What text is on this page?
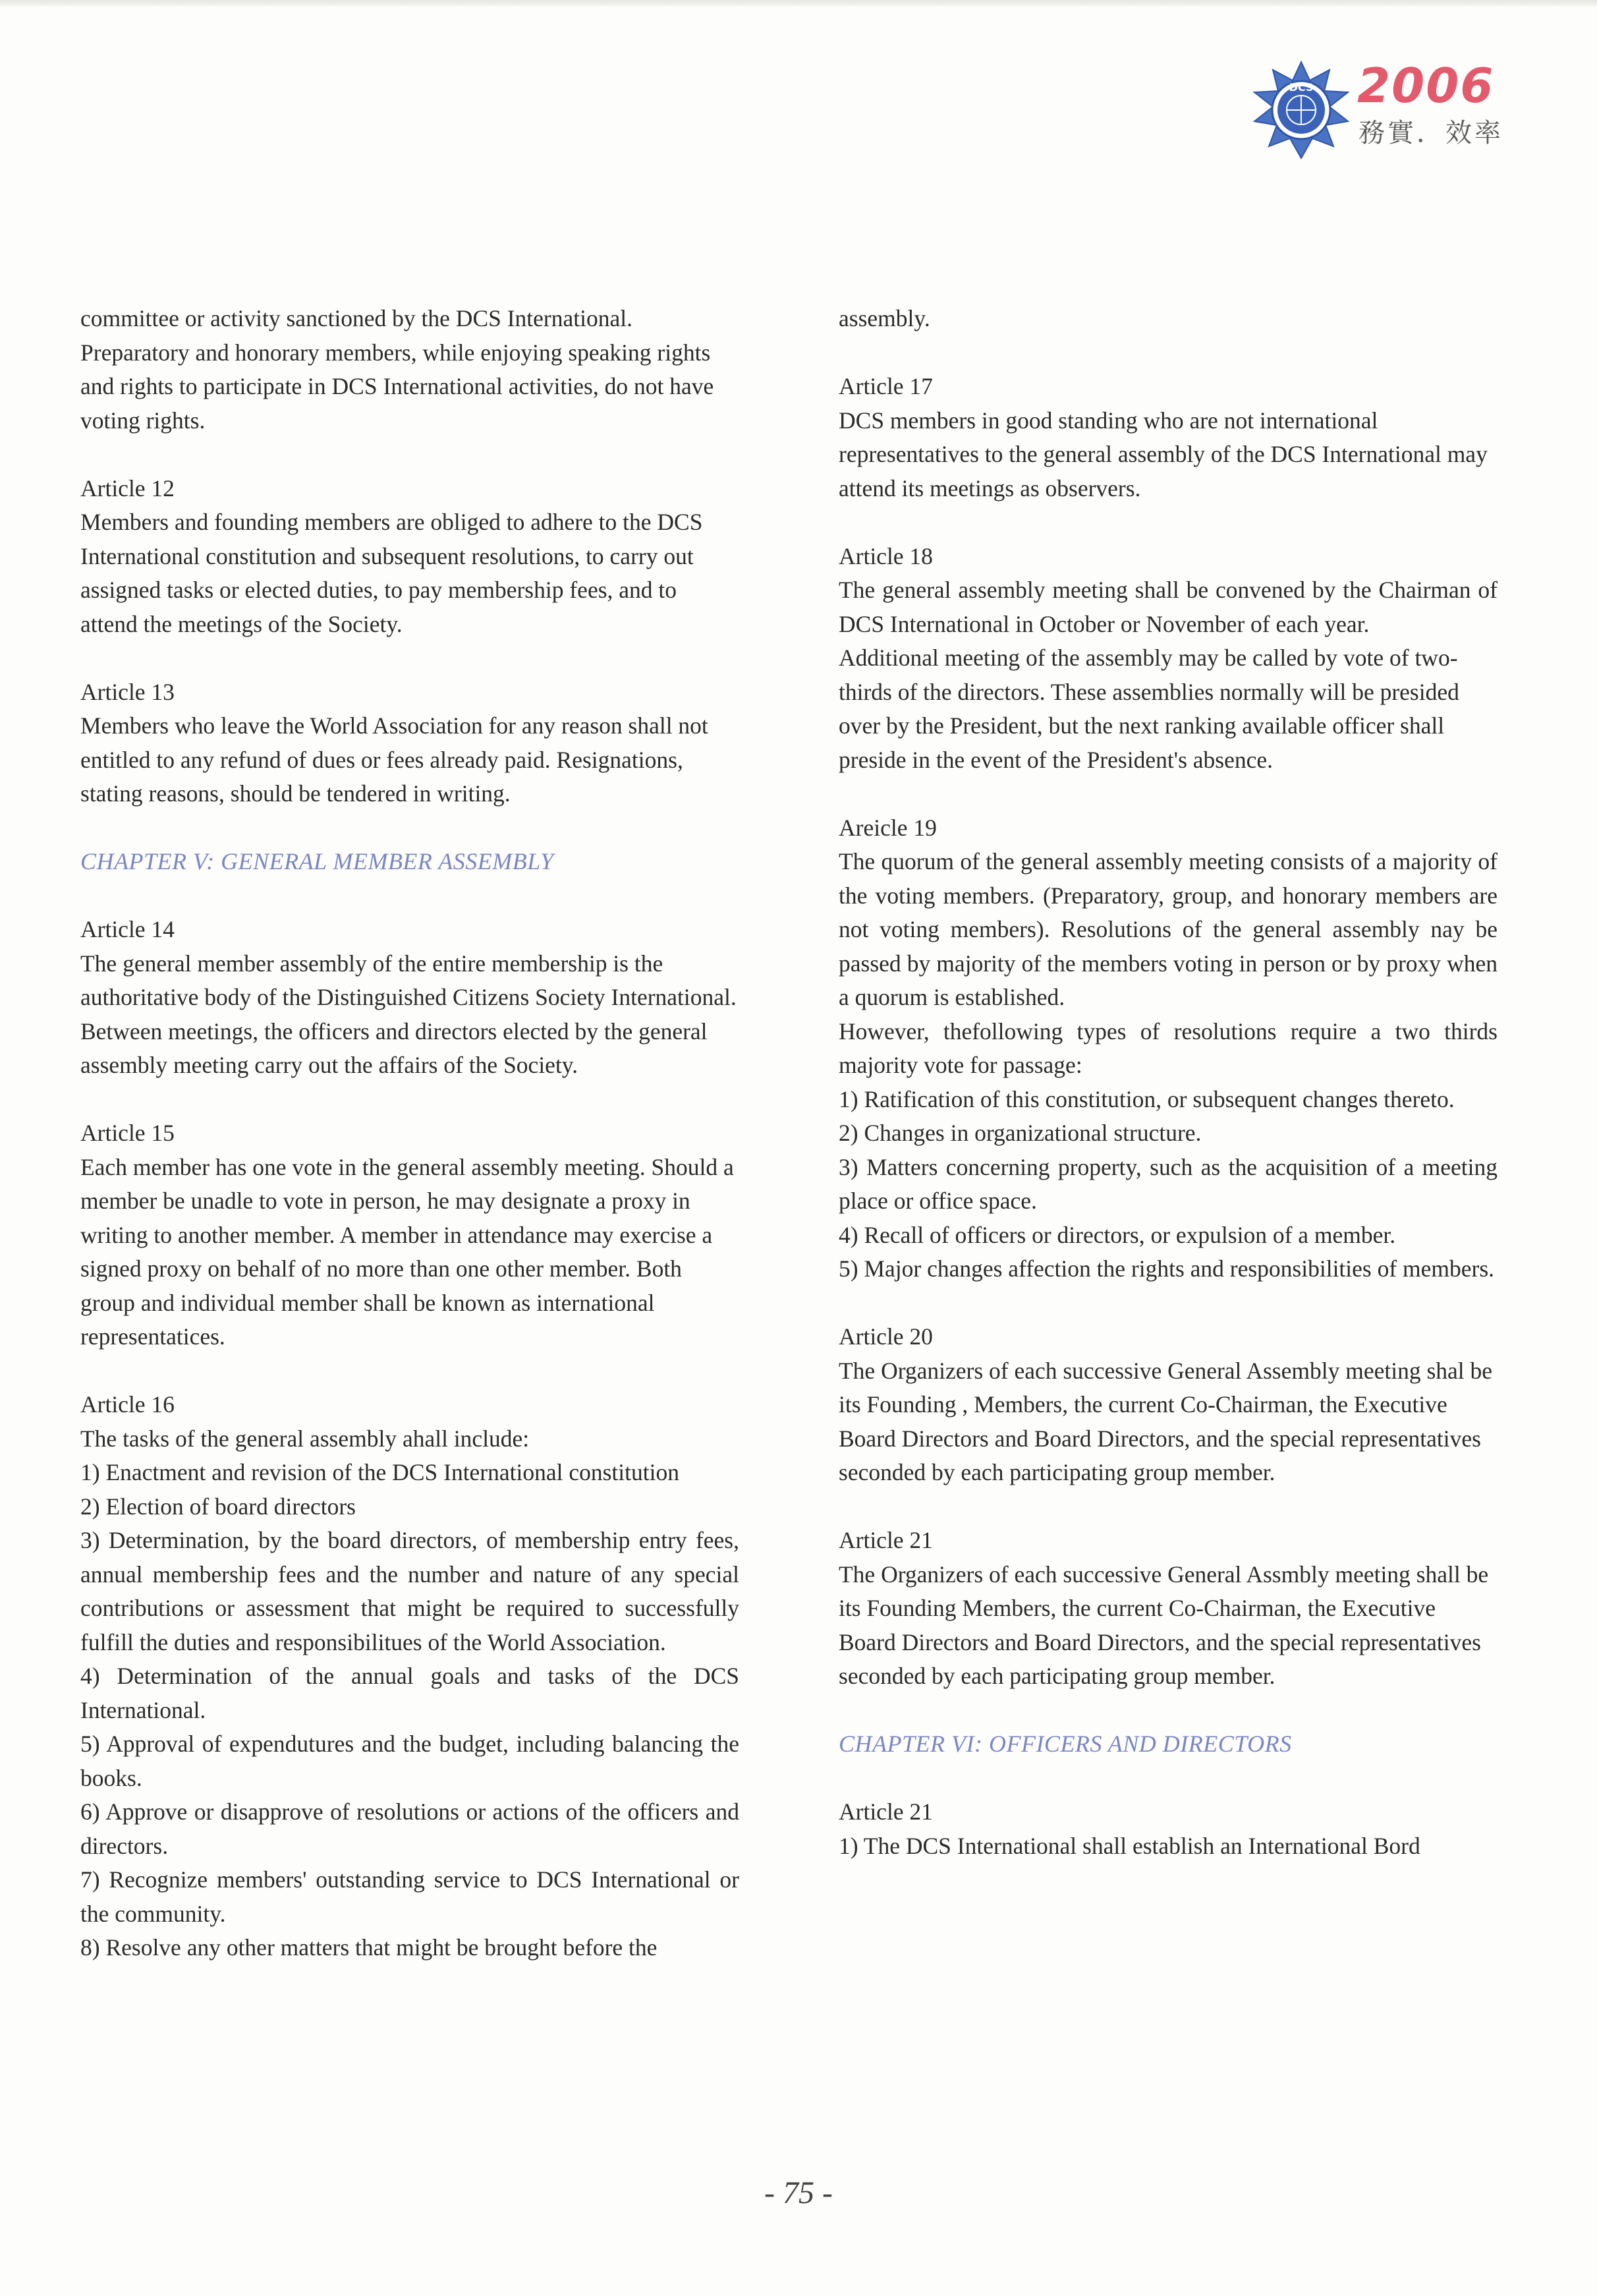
DCS 2006
務實．效率

committee or activity sanctioned by the DCS International. Preparatory and honorary members, while enjoying speaking rights and rights to participate in DCS International activities, do not have voting rights.

Article 12

Members and founding members are obliged to adhere to the DCS International constitution and subsequent resolutions, to carry out assigned tasks or elected duties, to pay membership fees, and to attend the meetings of the Society.

Article 13

Members who leave the World Association for any reason shall not entitled to any refund of dues or fees already paid. Resignations, stating reasons, should be tendered in writing.

CHAPTER V: GENERAL MEMBER ASSEMBLY

Article 14

The general member assembly of the entire membership is the authoritative body of the Distinguished Citizens Society International. Between meetings, the officers and directors elected by the general assembly meeting carry out the affairs of the Society.

Article 15

Each member has one vote in the general assembly meeting. Should a member be unadle to vote in person, he may designate a proxy in writing to another member. A member in attendance may exercise a signed proxy on behalf of no more than one other member. Both group and individual member shall be known as international representatices.

Article 16

The tasks of the general assembly ahall include:

1) Enactment and revision of the DCS International constitution

2) Election of board directors

3) Determination, by the board directors, of membership entry fees, annual membership fees and the number and nature of any special contributions or assessment that might be required to successfully fulfill the duties and responsibilitues of the World Association.

4) Determination of the annual goals and tasks of the DCS International.

5) Approval of expendutures and the budget, including balancing the books.

6) Approve or disapprove of resolutions or actions of the officers and directors.

7) Recognize members' outstanding service to DCS International or the community.

8) Resolve any other matters that might be brought before the

assembly.

Article 17

DCS members in good standing who are not international representatives to the general assembly of the DCS International may attend its meetings as observers.

Article 18

The general assembly meeting shall be convened by the Chairman of DCS International in October or November of each year.

Additional meeting of the assembly may be called by vote of two-thirds of the directors. These assemblies normally will be presided over by the President, but the next ranking available officer shall preside in the event of the President's absence.

Areicle 19

The quorum of the general assembly meeting consists of a majority of the voting members. (Preparatory, group, and honorary members are not voting members). Resolutions of the general assembly nay be passed by majority of the members voting in person or by proxy when a quorum is established.

However, thefollowing types of resolutions require a two thirds majority vote for passage:

1) Ratification of this constitution, or subsequent changes thereto.

2) Changes in organizational structure.

3) Matters concerning property, such as the acquisition of a meeting place or office space.

4) Recall of officers or directors, or expulsion of a member.

5) Major changes affection the rights and responsibilities of members.

Article 20

The Organizers of each successive General Assembly meeting shal be its Founding , Members, the current Co-Chairman, the Executive Board Directors and Board Directors, and the special representatives seconded by each participating group member.

Article 21

The Organizers of each successive General Assmbly meeting shall be its Founding Members, the current Co-Chairman, the Executive Board Directors and Board Directors, and the special representatives seconded by each participating group member.

CHAPTER VI: OFFICERS AND DIRECTORS

Article 21

1) The DCS International shall establish an International Bord

- 75 -
